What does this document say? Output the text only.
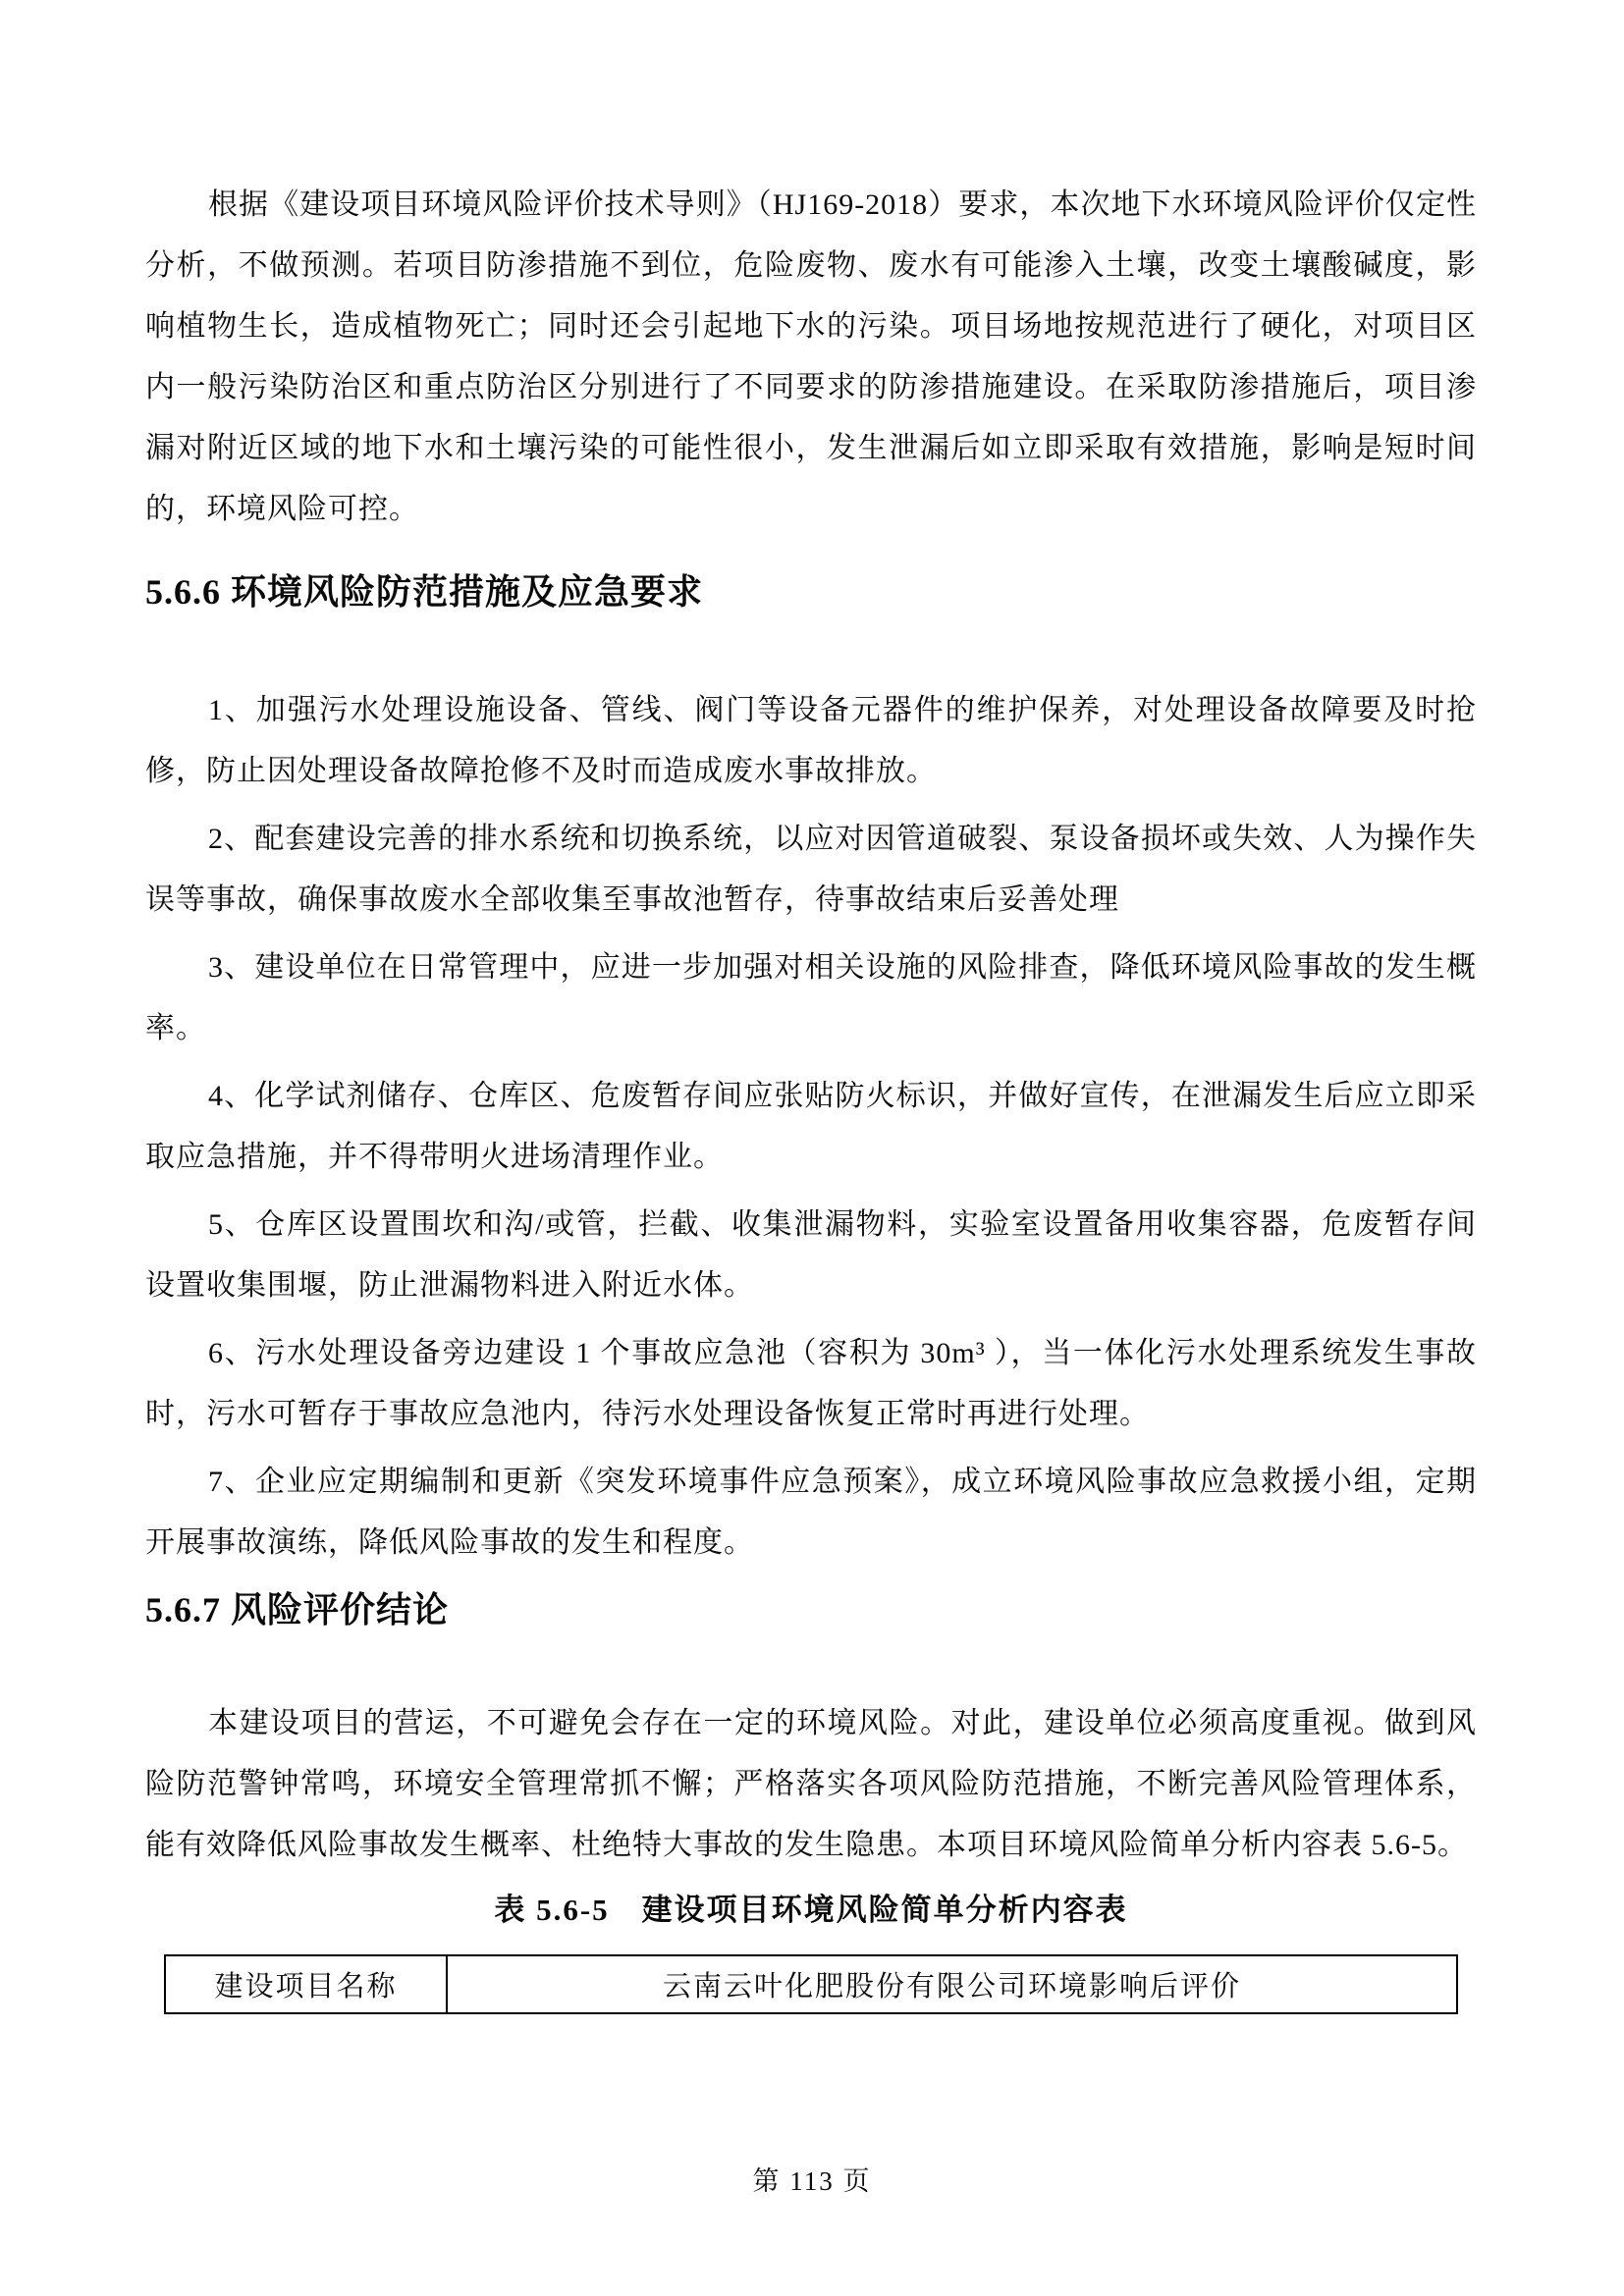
根据《建设项目环境风险评价技术导则》（HJ169-2018）要求，本次地下水环境风险评价仅定性分析，不做预测。若项目防渗措施不到位，危险废物、废水有可能渗入土壤，改变土壤酸碱度，影响植物生长，造成植物死亡；同时还会引起地下水的污染。项目场地按规范进行了硬化，对项目区内一般污染防治区和重点防治区分别进行了不同要求的防渗措施建设。在采取防渗措施后，项目渗漏对附近区域的地下水和土壤污染的可能性很小，发生泄漏后如立即采取有效措施，影响是短时间的，环境风险可控。

5.6.6 环境风险防范措施及应急要求

1、加强污水处理设施设备、管线、阀门等设备元器件的维护保养，对处理设备故障要及时抢修，防止因处理设备故障抢修不及时而造成废水事故排放。

2、配套建设完善的排水系统和切换系统，以应对因管道破裂、泵设备损坏或失效、人为操作失误等事故，确保事故废水全部收集至事故池暂存，待事故结束后妥善处理

3、建设单位在日常管理中，应进一步加强对相关设施的风险排查，降低环境风险事故的发生概率。

4、化学试剂储存、仓库区、危废暂存间应张贴防火标识，并做好宣传，在泄漏发生后应立即采取应急措施，并不得带明火进场清理作业。

5、仓库区设置围坎和沟/或管，拦截、收集泄漏物料，实验室设置备用收集容器，危废暂存间设置收集围堰，防止泄漏物料进入附近水体。

6、污水处理设备旁边建设 1 个事故应急池（容积为 30m³ ），当一体化污水处理系统发生事故时，污水可暂存于事故应急池内，待污水处理设备恢复正常时再进行处理。

7、企业应定期编制和更新《突发环境事件应急预案》，成立环境风险事故应急救援小组，定期开展事故演练，降低风险事故的发生和程度。

5.6.7 风险评价结论

本建设项目的营运，不可避免会存在一定的环境风险。对此，建设单位必须高度重视。做到风险防范警钟常鸣，环境安全管理常抓不懈；严格落实各项风险防范措施，不断完善风险管理体系，能有效降低风险事故发生概率、杜绝特大事故的发生隐患。本项目环境风险简单分析内容表 5.6-5。

表 5.6-5　建设项目环境风险简单分析内容表
建设项目名称	云南云叶化肥股份有限公司环境影响后评价
第 113 页
